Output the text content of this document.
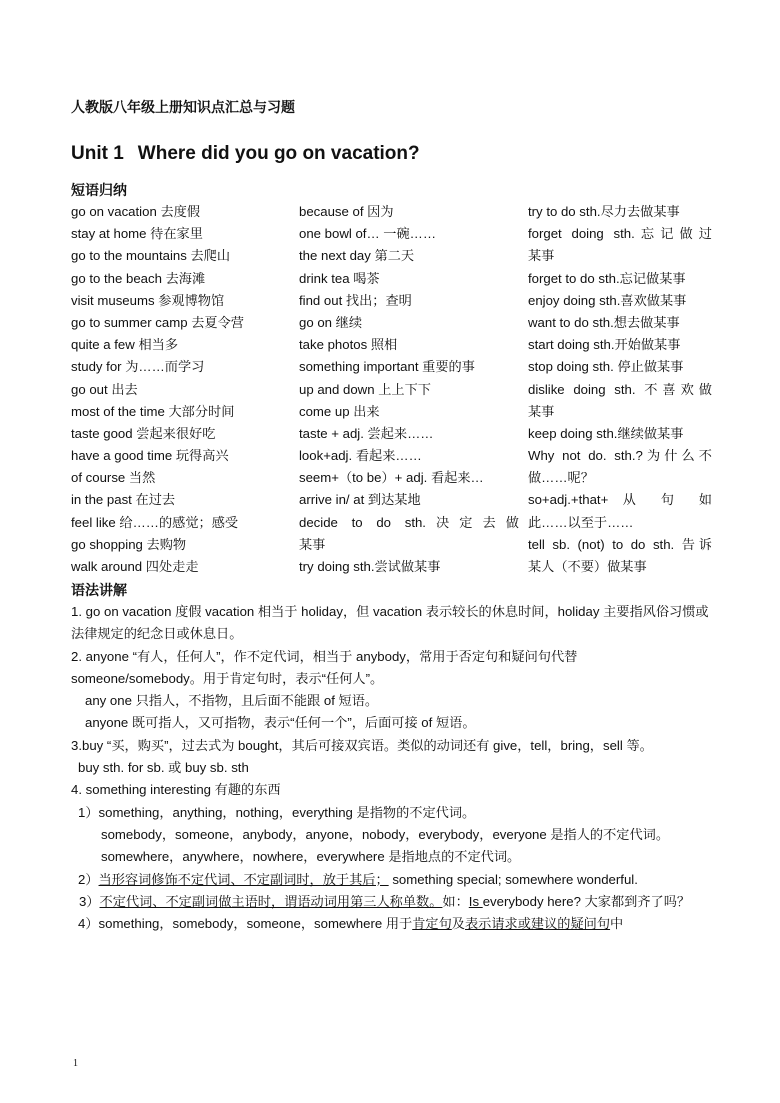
人教版八年级上册知识点汇总与习题
Unit 1 Where did you go on vacation?
短语归纳
go on vacation 去度假
stay at home 待在家里
go to the mountains 去爬山
go to the beach 去海滩
visit museums 参观博物馆
go to summer camp 去夏令营
quite a few 相当多
study for 为……而学习
go out 出去
most of the time 大部分时间
taste good 尝起来很好吃
have a good time 玩得高兴
of course 当然
in the past 在过去
feel like 给……的感觉；感受
go shopping 去购物
walk around 四处走走
because of 因为
one bowl of… 一碗……
the next day 第二天
drink tea 喝茶
find out 找出；查明
go on 继续
take photos 照相
something important 重要的事
up and down 上上下下
come up 出来
taste + adj. 尝起来……
look+adj. 看起来……
seem+（to be）+ adj. 看起来…
arrive in/ at 到达某地
decide to do sth.决定去做
某事
try doing sth.尝试做某事
try to do sth.尽力去做某事
forget doing sth.忘记做过
某事
forget to do sth.忘记做某事
enjoy doing sth.喜欢做某事
want to do sth.想去做某事
start doing sth.开始做某事
stop doing sth. 停止做某事
dislike doing sth. 不喜欢做
某事
keep doing sth.继续做某事
Why not do. sth.?为什么不
做……呢？
so+adj.+that+ 从 句 如
此……以至于……
tell sb. (not) to do sth. 告诉
某人（不要）做某事
语法讲解

1. go on vacation 度假 vacation 相当于 holiday，但 vacation 表示较长的休息时间，holiday 主要指风俗习惯或法律规定的纪念日或休息日。

2. anyone “有人，任何人”，作不定代词，相当于 anybody，常用于否定句和疑问句代替 someone/somebody。用于肯定句时，表示“任何人”。

any one 只指人，不指物，且后面不能跟 of 短语。

anyone 既可指人，又可指物，表示“任何一个”，后面可接 of 短语。

3.buy “买，购买”，过去式为 bought，其后可接双宾语。类似的动词还有 give，tell，bring，sell 等。

buy sth. for sb. 或 buy sb. sth

4. something interesting 有趣的东西

1）something，anything，nothing，everything 是指物的不定代词。

somebody，someone，anybody，anyone，nobody，everybody，everyone 是指人的不定代词。

somewhere，anywhere，nowhere，everywhere 是指地点的不定代词。

2）当形容词修饰不定代词、不定副词时，放于其后； something special; somewhere wonderful.

3）不定代词、不定副词做主语时，谓语动词用第三人称单数。如：Is everybody here? 大家都到齐了吗？

4）something，somebody，someone，somewhere 用于肯定句及表示请求或建议的疑问句中

1
